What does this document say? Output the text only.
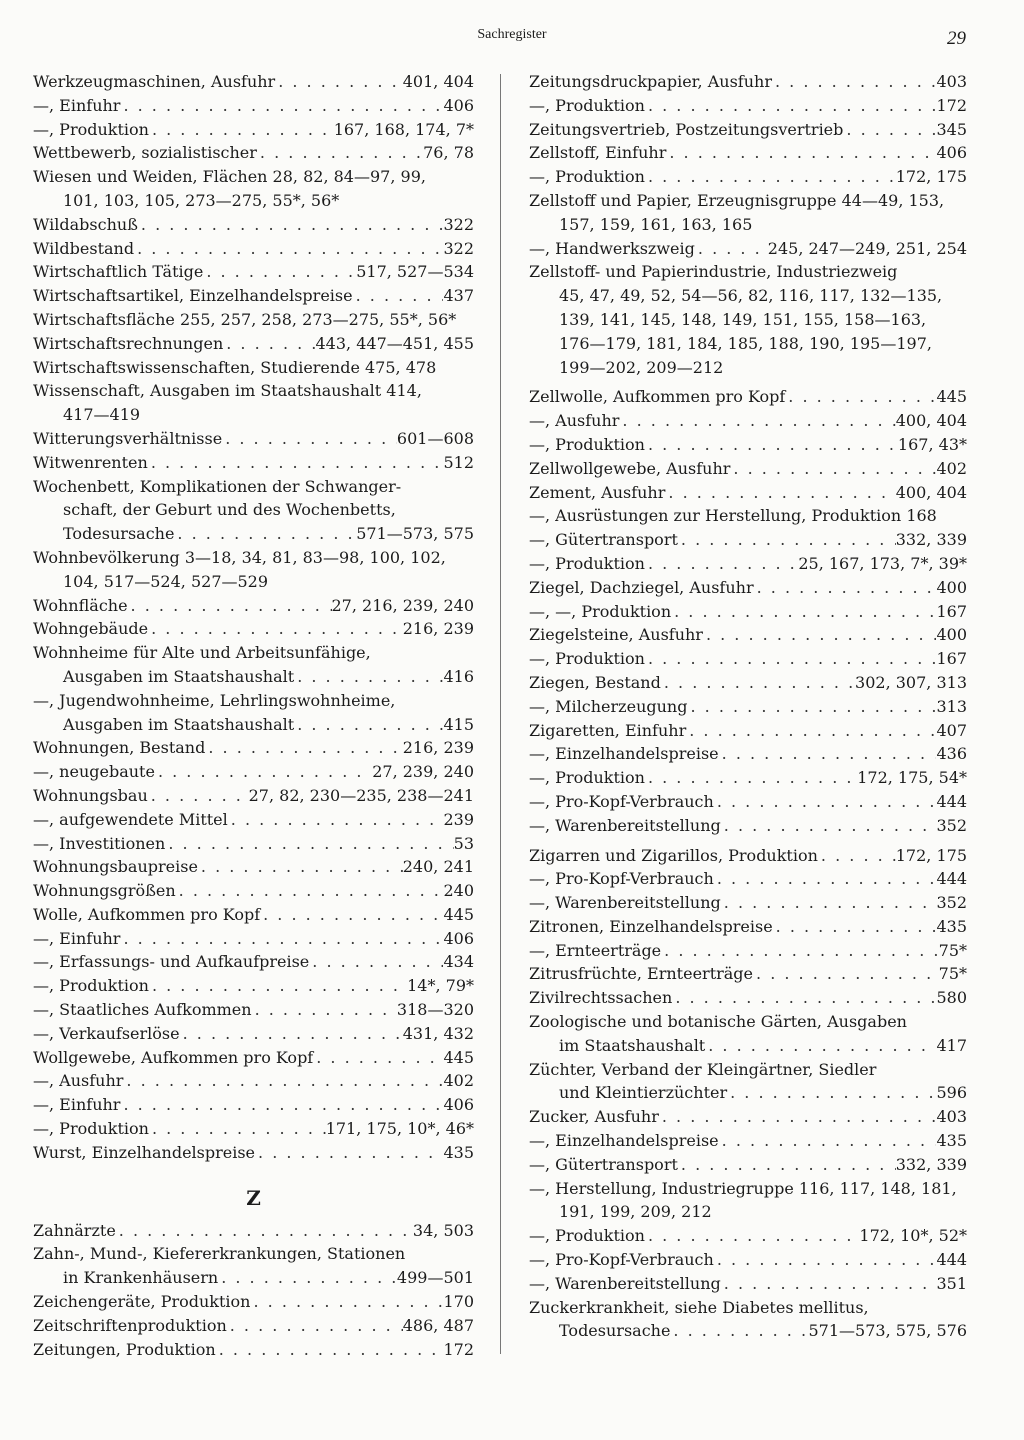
Sachregister	29
Werkzeugmaschinen, Ausfuhr . . .	401, 404
—, Einfuhr . . .	406
—, Produktion . . .	167, 168, 174, 7*
Wettbewerb, sozialistischer . . .	76, 78
Wiesen und Weiden, Flächen 28, 82, 84—97, 99,
101, 103, 105, 273—275, 55*, 56*
Wildabschuß . . .	322
Wildbestand . . .	322
Wirtschaftlich Tätige . . .	517, 527—534
Wirtschaftsartikel, Einzelhandelspreise . . .	437
Wirtschaftsfläche 255, 257, 258, 273—275, 55*, 56*
Wirtschaftsrechnungen . . .	443, 447—451, 455
Wirtschaftswissenschaften, Studierende 475, 478
Wissenschaft, Ausgaben im Staatshaushalt 414,
417—419
Witterungsverhältnisse . . .	601—608
Witwenrenten . . .	512
Wochenbett, Komplikationen der Schwanger-
schaft, der Geburt und des Wochenbetts,
Todesursache . . .	571—573, 575
Wohnbevölkerung 3—18, 34, 81, 83—98, 100, 102,
104, 517—524, 527—529
Wohnfläche . . .	27, 216, 239, 240
Wohngebäude . . .	216, 239
Wohnheime für Alte und Arbeitsunfähige,
Ausgaben im Staatshaushalt . . .	416
—, Jugendwohnheime, Lehrlingswohnheime,
Ausgaben im Staatshaushalt . . .	415
Wohnungen, Bestand . . .	216, 239
—, neugebaute . . .	27, 239, 240
Wohnungsbau . . .	27, 82, 230—235, 238—241
—, aufgewendete Mittel . . .	239
—, Investitionen . . .	53
Wohnungsbaupreise . . .	240, 241
Wohnungsgrößen . . .	240
Wolle, Aufkommen pro Kopf . . .	445
—, Einfuhr . . .	406
—, Erfassungs- und Aufkaufpreise . . .	434
—, Produktion . . .	14*, 79*
—, Staatliches Aufkommen . . .	318—320
—, Verkaufserlöse . . .	431, 432
Wollgewebe, Aufkommen pro Kopf . . .	445
—, Ausfuhr . . .	402
—, Einfuhr . . .	406
—, Produktion . . .	171, 175, 10*, 46*
Wurst, Einzelhandelspreise . . .	435
Z
Zahnärzte . . .	34, 503
Zahn-, Mund-, Kiefererkrankungen, Stationen
in Krankenhäusern . . .	499—501
Zeichengeräte, Produktion . . .	170
Zeitschriftenproduktion . . .	486, 487
Zeitungen, Produktion . . .	172
Zeitungsdruckpapier, Ausfuhr . . .	403
—, Produktion . . .	172
Zeitungsvertrieb, Postzeitungsvertrieb . . .	345
Zellstoff, Einfuhr . . .	406
—, Produktion . . .	172, 175
Zellstoff und Papier, Erzeugnisgruppe 44—49, 153,
157, 159, 161, 163, 165
—, Handwerkszweig . . .	245, 247—249, 251, 254
Zellstoff- und Papierindustrie, Industriezweig
45, 47, 49, 52, 54—56, 82, 116, 117, 132—135,
139, 141, 145, 148, 149, 151, 155, 158—163,
176—179, 181, 184, 185, 188, 190, 195—197,
199—202, 209—212
Zellwolle, Aufkommen pro Kopf . . .	445
—, Ausfuhr . . .	400, 404
—, Produktion . . .	167, 43*
Zellwollgewebe, Ausfuhr . . .	402
Zement, Ausfuhr . . .	400, 404
—, Ausrüstungen zur Herstellung, Produktion 168
—, Gütertransport . . .	332, 339
—, Produktion . . .	25, 167, 173, 7*, 39*
Ziegel, Dachziegel, Ausfuhr . . .	400
—, —, Produktion . . .	167
Ziegelsteine, Ausfuhr . . .	400
—, Produktion . . .	167
Ziegen, Bestand . . .	302, 307, 313
—, Milcherzeugung . . .	313
Zigaretten, Einfuhr . . .	407
—, Einzelhandelspreise . . .	436
—, Produktion . . .	172, 175, 54*
—, Pro-Kopf-Verbrauch . . .	444
—, Warenbereitstellung . . .	352
Zigarren und Zigarillos, Produktion . . .	172, 175
—, Pro-Kopf-Verbrauch . . .	444
—, Warenbereitstellung . . .	352
Zitronen, Einzelhandelspreise . . .	435
—, Ernteerträge . . .	75*
Zitrusfrüchte, Ernteerträge . . .	75*
Zivilrechtssachen . . .	580
Zoologische und botanische Gärten, Ausgaben
im Staatshaushalt . . .	417
Züchter, Verband der Kleingärtner, Siedler
und Kleintierzüchter . . .	596
Zucker, Ausfuhr . . .	403
—, Einzelhandelspreise . . .	435
—, Gütertransport . . .	332, 339
—, Herstellung, Industriegruppe 116, 117, 148, 181,
191, 199, 209, 212
—, Produktion . . .	172, 10*, 52*
—, Pro-Kopf-Verbrauch . . .	444
—, Warenbereitstellung . . .	351
Zuckerkrankheit, siehe Diabetes mellitus,
Todesursache . . .	571—573, 575, 576
